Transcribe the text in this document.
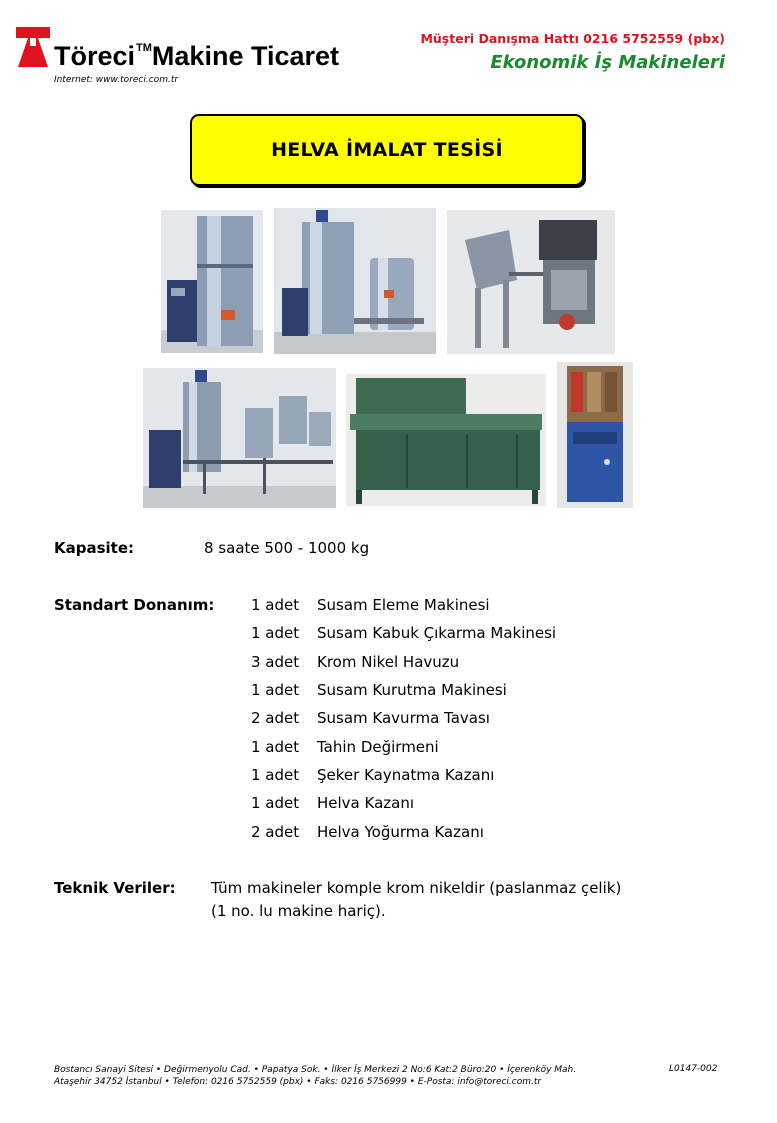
Töreci™Makine Ticaret
Internet: www.toreci.com.tr
Müşteri Danışma Hattı 0216 5752559 (pbx)
Ekonomik İş Makineleri
HELVA İMALAT TESİSİ
Kapasite:	8 saate 500 - 1000 kg
Standart Donanım: 1 adet Susam Eleme Makinesi
1 adet Susam Kabuk Çıkarma Makinesi
3 adet Krom Nikel Havuzu
1 adet Susam Kurutma Makinesi
2 adet Susam Kavurma Tavası
1 adet Tahin Değirmeni
1 adet Şeker Kaynatma Kazanı
1 adet Helva Kazanı
2 adet Helva Yoğurma Kazanı
Teknik Veriler: Tüm makineler komple krom nikeldir (paslanmaz çelik)
(1 no. lu makine hariç).
Bostancı Sanayi Sitesi • Değirmenyolu Cad. • Papatya Sok. • İlker İş Merkezi 2 No:6 Kat:2 Büro:20 • İçerenköy Mah.
Ataşehir 34752 İstanbul • Telefon: 0216 5752559 (pbx) • Faks: 0216 5756999 • E-Posta: info@toreci.com.tr
L0147-002
